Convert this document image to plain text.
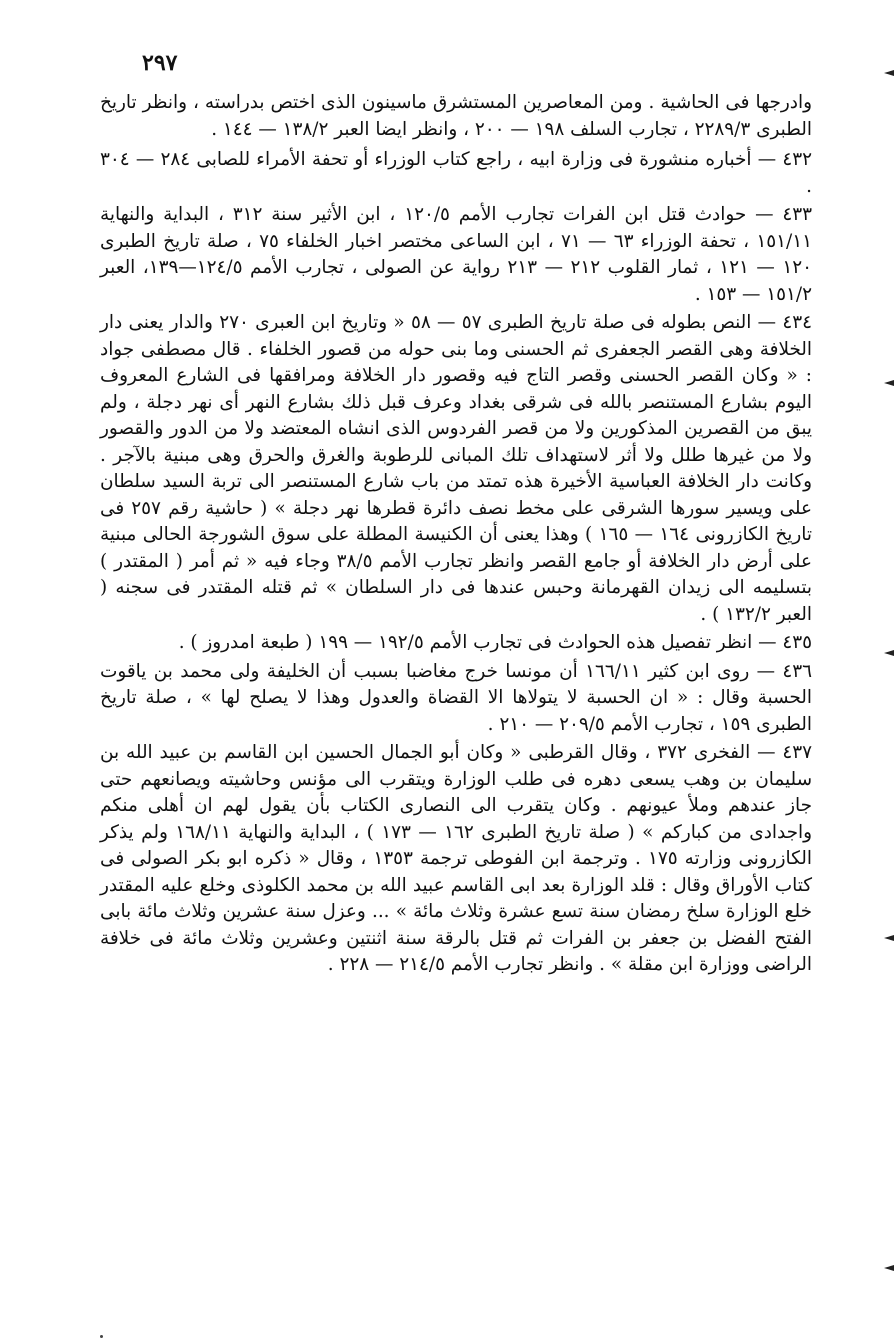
٢٩٧

وادرجها فى الحاشية . ومن المعاصرين المستشرق ماسينون الذى اختص بدراسته ، وانظر تاريخ الطبرى ٢٢٨٩/٣ ، تجارب السلف ١٩٨ — ٢٠٠ ، وانظر ايضا العبر ١٣٨/٢ — ١٤٤ .

٤٣٢ — أخباره منشورة فى وزارة ابيه ، راجع كتاب الوزراء أو تحفة الأمراء للصابى ٢٨٤ — ٣٠٤ .

٤٣٣ — حوادث قتل ابن الفرات تجارب الأمم ١٢٠/٥ ، ابن الأثير سنة ٣١٢ ، البداية والنهاية ١٥١/١١ ، تحفة الوزراء ٦٣ — ٧١ ، ابن الساعى مختصر اخبار الخلفاء ٧٥ ، صلة تاريخ الطبرى ١٢٠ — ١٢١ ، ثمار القلوب ٢١٢ — ٢١٣ رواية عن الصولى ، تجارب الأمم ١٢٤/٥—١٣٩، العبر ١٥١/٢ — ١٥٣ .

٤٣٤ — النص بطوله فى صلة تاريخ الطبرى ٥٧ — ٥٨ « وتاريخ ابن العبرى ٢٧٠ والدار يعنى دار الخلافة وهى القصر الجعفرى ثم الحسنى وما بنى حوله من قصور الخلفاء . قال مصطفى جواد : « وكان القصر الحسنى وقصر التاج فيه وقصور دار الخلافة ومرافقها فى الشارع المعروف اليوم بشارع المستنصر بالله فى شرقى بغداد وعرف قبل ذلك بشارع النهر أى نهر دجلة ، ولم يبق من القصرين المذكورين ولا من قصر الفردوس الذى انشاه المعتضد ولا من الدور والقصور ولا من غيرها طلل ولا أثر لاستهداف تلك المبانى للرطوبة والغرق والحرق وهى مبنية بالآجر . وكانت دار الخلافة العباسية الأخيرة هذه تمتد من باب شارع المستنصر الى تربة السيد سلطان على ويسير سورها الشرقى على مخط نصف دائرة قطرها نهر دجلة » ( حاشية رقم ٢٥٧ فى تاريخ الكازرونى ١٦٤ — ١٦٥ ) وهذا يعنى أن الكنيسة المطلة على سوق الشورجة الحالى مبنية على أرض دار الخلافة أو جامع القصر وانظر تجارب الأمم ٣٨/٥ وجاء فيه « ثم أمر ( المقتدر ) بتسليمه الى زيدان القهرمانة وحبس عندها فى دار السلطان » ثم قتله المقتدر فى سجنه ( العبر ١٣٢/٢ ) .

٤٣٥ — انظر تفصيل هذه الحوادث فى تجارب الأمم ١٩٢/٥ — ١٩٩ ( طبعة امدروز ) .

٤٣٦ — روى ابن كثير ١٦٦/١١ أن مونسا خرج مغاضبا بسبب أن الخليفة ولى محمد بن ياقوت الحسبة وقال : « ان الحسبة لا يتولاها الا القضاة والعدول وهذا لا يصلح لها » ، صلة تاريخ الطبرى ١٥٩ ، تجارب الأمم ٢٠٩/٥ — ٢١٠ .

٤٣٧ — الفخرى ٣٧٢ ، وقال القرطبى « وكان أبو الجمال الحسين ابن القاسم بن عبيد الله بن سليمان بن وهب يسعى دهره فى طلب الوزارة ويتقرب الى مؤنس وحاشيته ويصانعهم حتى جاز عندهم وملأ عيونهم . وكان يتقرب الى النصارى الكتاب بأن يقول لهم ان أهلى منكم واجدادى من كبارکم » ( صلة تاريخ الطبرى ١٦٢ — ١٧٣ ) ، البداية والنهاية ١٦٨/١١ ولم يذكر الكازرونى وزارته ١٧٥ . وترجمة ابن الفوطى ترجمة ١٣٥٣ ، وقال « ذكره ابو بكر الصولى فى كتاب الأوراق وقال : قلد الوزارة بعد ابى القاسم عبيد الله بن محمد الكلوذى وخلع عليه المقتدر خلع الوزارة سلخ رمضان سنة تسع عشرة وثلاث مائة » ... وعزل سنة عشرين وثلاث مائة بابى الفتح الفضل بن جعفر بن الفرات ثم قتل بالرقة سنة اثنتين وعشرين وثلاث مائة فى خلافة الراضى ووزارة ابن مقلة » . وانظر تجارب الأمم ٢١٤/٥ — ٢٢٨ .
